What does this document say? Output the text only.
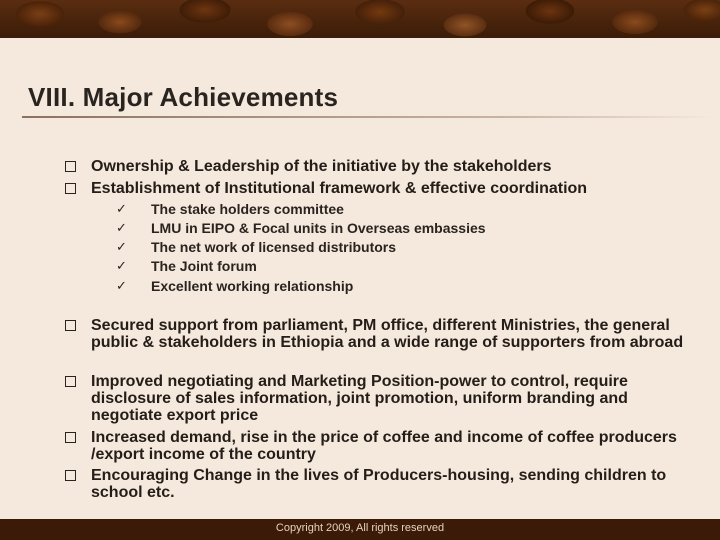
VIII. Major Achievements
Ownership & Leadership of the initiative by the stakeholders
Establishment of Institutional framework & effective coordination
✓ The stake holders committee
✓ LMU in EIPO & Focal units in Overseas embassies
✓ The net work of licensed distributors
✓ The Joint forum
✓ Excellent working relationship
Secured support from parliament, PM office, different Ministries, the general public & stakeholders in Ethiopia and a wide range of supporters from abroad
Improved negotiating and Marketing Position-power to control, require disclosure of sales information, joint promotion, uniform branding and negotiate export price
Increased demand, rise in the price of coffee and income of coffee producers /export income of the country
Encouraging Change in the lives of Producers-housing, sending children to school etc.
Copyright 2009, All rights reserved
